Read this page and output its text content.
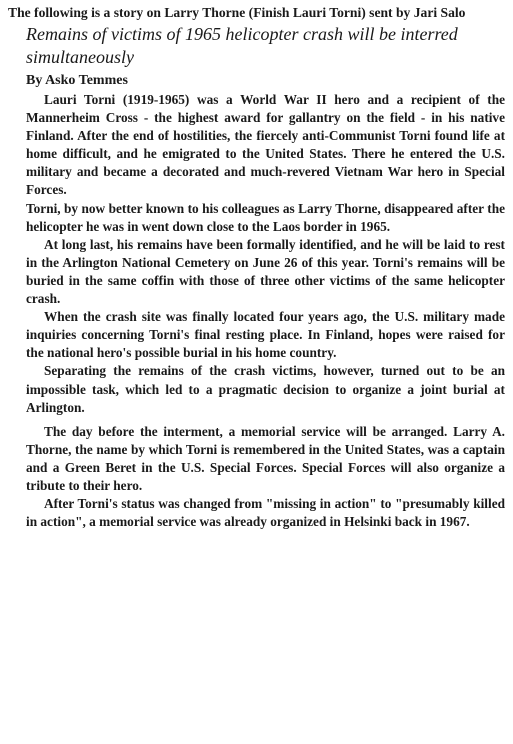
The following is a story on Larry Thorne (Finish Lauri Torni) sent by Jari Salo

Remains of victims of 1965 helicopter crash will be interred simultaneously

By Asko Temmes

Lauri Torni (1919-1965) was a World War II hero and a recipient of the Mannerheim Cross - the highest award for gallantry on the field - in his native Finland. After the end of hostilities, the fiercely anti-Communist Torni found life at home difficult, and he emigrated to the United States. There he entered the U.S. military and became a decorated and much-revered Vietnam War hero in Special Forces.

Torni, by now better known to his colleagues as Larry Thorne, disappeared after the helicopter he was in went down close to the Laos border in 1965.

At long last, his remains have been formally identified, and he will be laid to rest in the Arlington National Cemetery on June 26 of this year. Torni's remains will be buried in the same coffin with those of three other victims of the same helicopter crash.

When the crash site was finally located four years ago, the U.S. military made inquiries concerning Torni's final resting place. In Finland, hopes were raised for the national hero's possible burial in his home country.

Separating the remains of the crash victims, however, turned out to be an impossible task, which led to a pragmatic decision to organize a joint burial at Arlington.

The day before the interment, a memorial service will be arranged. Larry A. Thorne, the name by which Torni is remembered in the United States, was a captain and a Green Beret in the U.S. Special Forces. Special Forces will also organize a tribute to their hero.

After Torni's status was changed from "missing in action" to "presumably killed in action", a memorial service was already organized in Helsinki back in 1967.
